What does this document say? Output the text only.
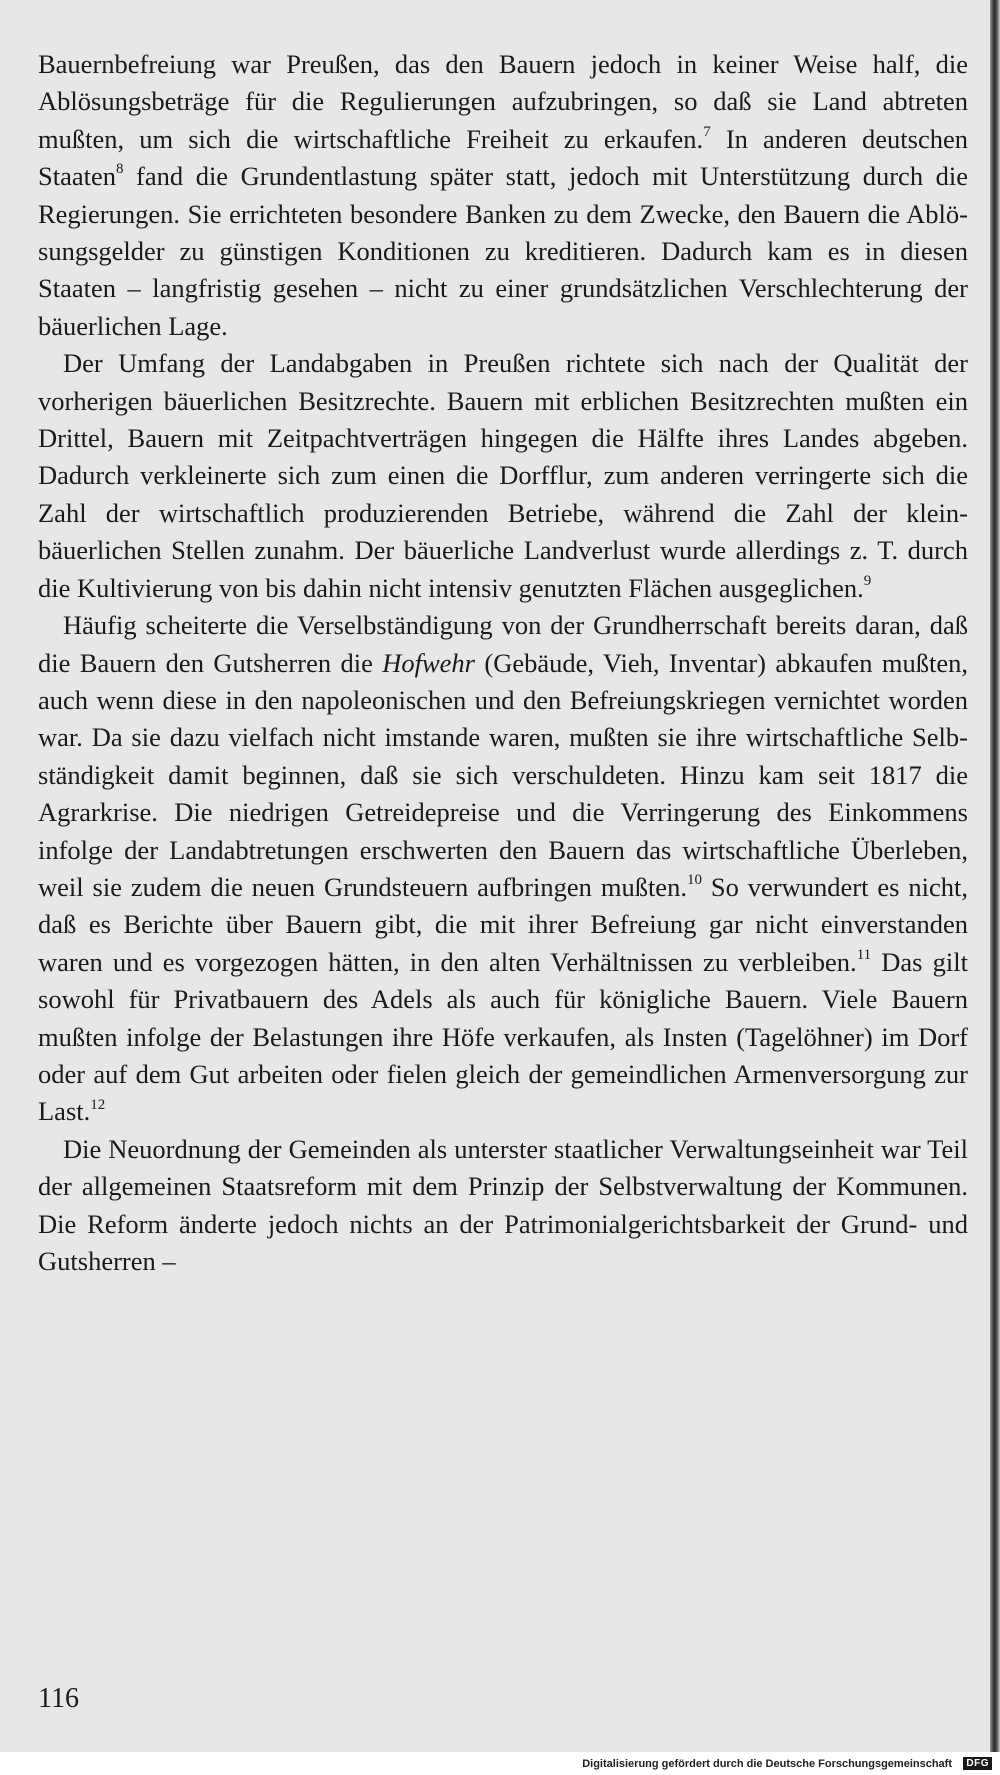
Bauernbefreiung war Preußen, das den Bauern jedoch in keiner Weise half, die Ablösungsbeträge für die Regulierungen aufzubringen, so daß sie Land abtreten mußten, um sich die wirtschaftliche Freiheit zu erkaufen.$^7$ In anderen deutschen Staaten$^8$ fand die Grundentlastung später statt, jedoch mit Unterstützung durch die Regierungen. Sie errichteten besondere Banken zu dem Zwecke, den Bauern die Ablösungsgelder zu günstigen Konditionen zu kreditieren. Dadurch kam es in diesen Staaten – langfristig gesehen – nicht zu einer grundsätzlichen Verschlechterung der bäuerlichen Lage.

Der Umfang der Landabgaben in Preußen richtete sich nach der Qualität der vorherigen bäuerlichen Besitzrechte. Bauern mit erblichen Besitzrechten mußten ein Drittel, Bauern mit Zeitpachtverträgen hingegen die Hälfte ihres Landes abgeben. Dadurch verkleinerte sich zum einen die Dorfflur, zum anderen verringerte sich die Zahl der wirtschaftlich produzierenden Betriebe, während die Zahl der kleinbäuerlichen Stellen zunahm. Der bäuerliche Landverlust wurde allerdings z. T. durch die Kultivierung von bis dahin nicht intensiv genutzten Flächen ausgeglichen.$^9$

Häufig scheiterte die Verselbständigung von der Grundherrschaft bereits daran, daß die Bauern den Gutsherren die Hofwehr (Gebäude, Vieh, Inventar) abkaufen mußten, auch wenn diese in den napoleonischen und den Befreiungskriegen vernichtet worden war. Da sie dazu vielfach nicht imstande waren, mußten sie ihre wirtschaftliche Selbständigkeit damit beginnen, daß sie sich verschuldeten. Hinzu kam seit 1817 die Agrarkrise. Die niedrigen Getreidepreise und die Verringerung des Einkommens infolge der Landabtretungen erschwerten den Bauern das wirtschaftliche Überleben, weil sie zudem die neuen Grundsteuern aufbringen mußten.$^{10}$ So verwundert es nicht, daß es Berichte über Bauern gibt, die mit ihrer Befreiung gar nicht einverstanden waren und es vorgezogen hätten, in den alten Verhältnissen zu verbleiben.$^{11}$ Das gilt sowohl für Privatbauern des Adels als auch für königliche Bauern. Viele Bauern mußten infolge der Belastungen ihre Höfe verkaufen, als Insten (Tagelöhner) im Dorf oder auf dem Gut arbeiten oder fielen gleich der gemeindlichen Armenversorgung zur Last.$^{12}$

Die Neuordnung der Gemeinden als unterster staatlicher Verwaltungseinheit war Teil der allgemeinen Staatsreform mit dem Prinzip der Selbstverwaltung der Kommunen. Die Reform änderte jedoch nichts an der Patrimonialgerichtsbarkeit der Grund- und Gutsherren –

116
Digitalisierung gefördert durch die Deutsche Forschungsgemeinschaft	DFG
